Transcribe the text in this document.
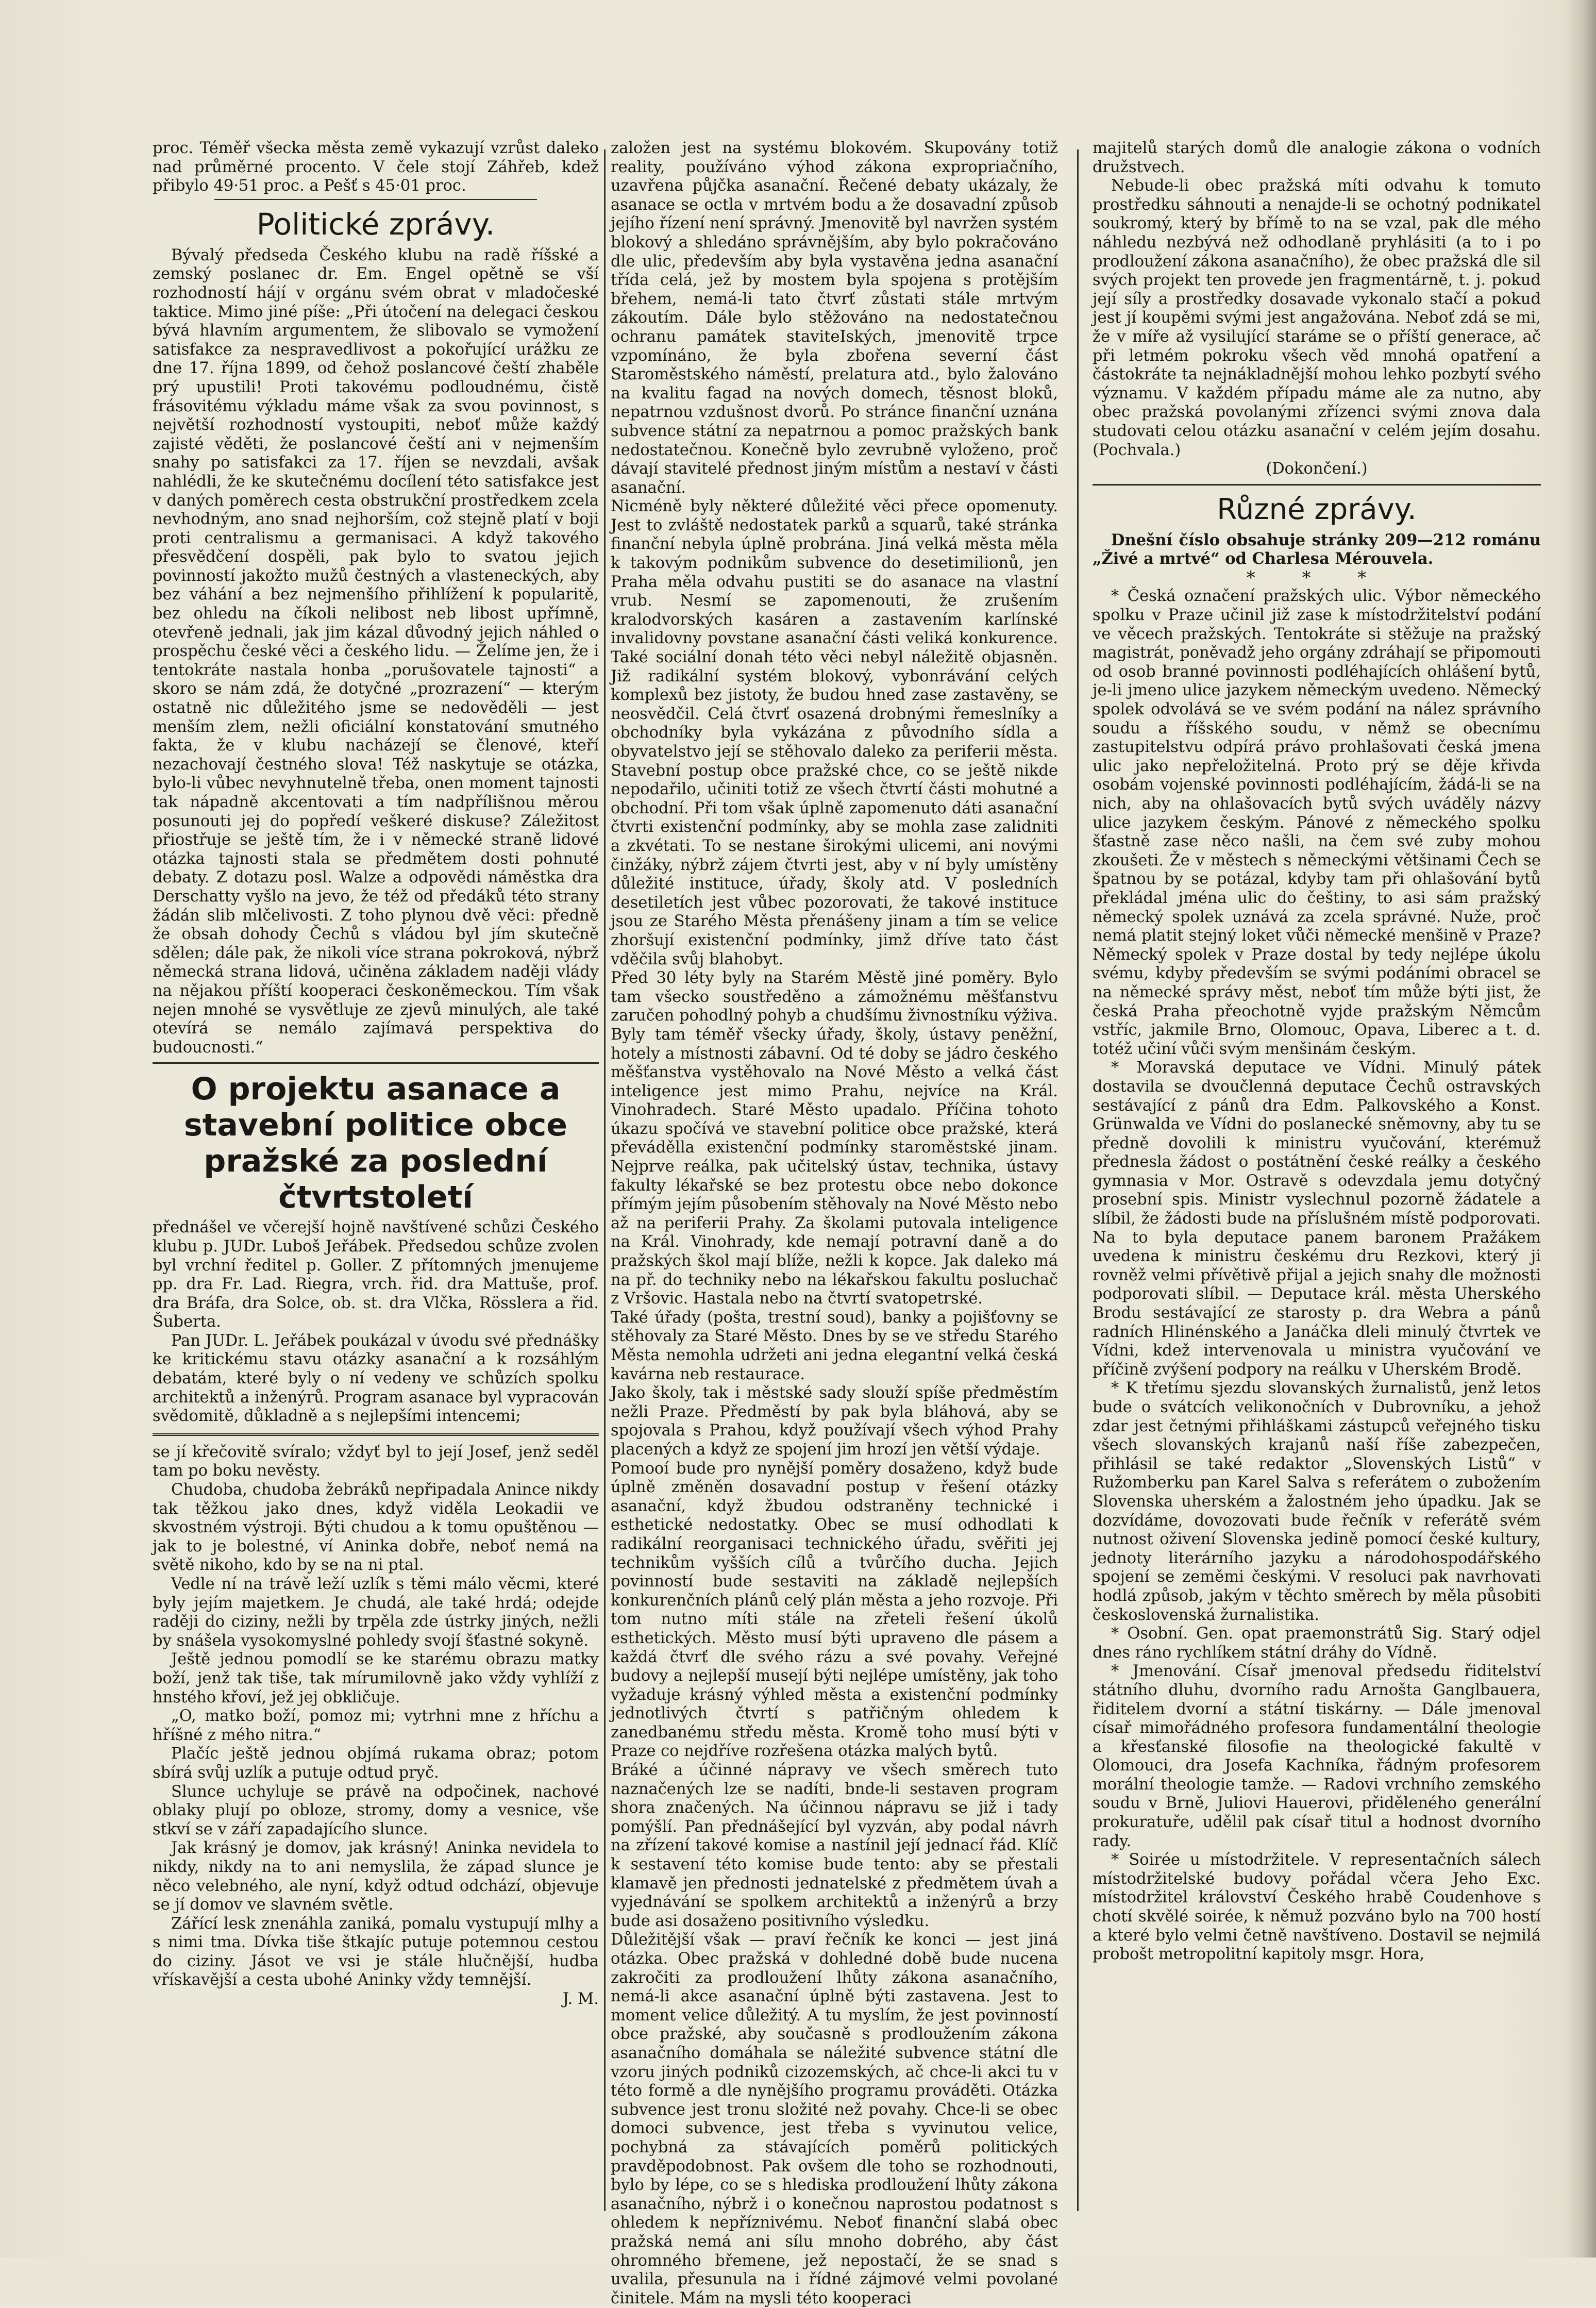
proc. Téměř všecka města země vykazují vzrůst daleko nad průměrné procento. V čele stojí Záhřeb, kdež přibylo 49·51 proc. a Pešť s 45·01 proc.

Politické zprávy.

Bývalý předseda Českého klubu na radě říšské a zemský poslanec dr. Em. Engel opětně se vší rozhodností hájí v orgánu svém obrat v mladočeské taktice. Mimo jiné píše: „Při útočení na delegaci českou bývá hlavním argumentem, že slibovalo se vymožení satisfakce za nespravedlivost a pokořující urážku ze dne 17. října 1899, od čehož poslancové čeští zhaběle prý upustili! Proti takovému podloudnému, čistě frásovitému výkladu máme však za svou povinnost, s největší rozhodností vystoupiti, neboť může každý zajisté věděti, že poslancové čeští ani v nejmenším snahy po satisfakci za 17. říjen se nevzdali, avšak nahlédli, že ke skutečnému docílení této satisfakce jest v daných poměrech cesta obstrukční prostředkem zcela nevhodným, ano snad nejhorším, což stejně platí v boji proti centralismu a germanisaci. A když takového přesvědčení dospěli, pak bylo to svatou jejich povinností jakožto mužů čestných a vlasteneckých, aby bez váhání a bez nejmenšího přihlížení k popularitě, bez ohledu na číkoli nelibost neb libost upřímně, otevřeně jednali, jak jim kázal důvodný jejich náhled o prospěchu české věci a českého lidu. — Želíme jen, že i tentokráte nastala honba „porušovatele tajnosti“ a skoro se nám zdá, že dotyčné „prozrazení“ — kterým ostatně nic důležitého jsme se nedověděli — jest menším zlem, nežli oficiální konstatování smutného fakta, že v klubu nacházejí se členové, kteří nezachovají čestného slova! Též naskytuje se otázka, bylo-li vůbec nevyhnutelně třeba, onen moment tajnosti tak nápadně akcentovati a tím nadpřílišnou měrou posunouti jej do popředí veškeré diskuse? Záležitost přiostřuje se ještě tím, že i v německé straně lidové otázka tajnosti stala se předmětem dosti pohnuté debaty. Z dotazu posl. Walze a odpovědi náměstka dra Derschatty vyšlo na jevo, že též od předáků této strany žádán slib mlčelivosti. Z toho plynou dvě věci: předně že obsah dohody Čechů s vládou byl jím skutečně sdělen; dále pak, že nikoli více strana pokroková, nýbrž německá strana lidová, učiněna základem naději vlády na nějakou příští kooperaci českoněmeckou. Tím však nejen mnohé se vysvětluje ze zjevů minulých, ale také otevírá se nemálo zajímavá perspektiva do budoucnosti.“

O projektu asanace a stavební politice obce pražské za poslední čtvrtstoletí

přednášel ve včerejší hojně navštívené schůzi Českého klubu p. JUDr. Luboš Jeřábek. Předsedou schůze zvolen byl vrchní ředitel p. Goller. Z přítomných jmenujeme pp. dra Fr. Lad. Riegra, vrch. řid. dra Mattuše, prof. dra Bráfa, dra Solce, ob. st. dra Vlčka, Rösslera a řid. Šuberta.

Pan JUDr. L. Jeřábek poukázal v úvodu své přednášky ke kritickému stavu otázky asanační a k rozsáhlým debatám, které byly o ní vedeny ve schůzích spolku architektů a inženýrů. Program asanace byl vypracován svědomitě, důkladně a s nejlepšími intencemi;

se jí křečovitě svíralo; vždyť byl to její Josef, jenž seděl tam po boku nevěsty.

Chudoba, chudoba žebráků nepřipadala Anince nikdy tak těžkou jako dnes, když viděla Leokadii ve skvostném výstroji. Býti chudou a k tomu opuštěnou — jak to je bolestné, ví Aninka dobře, neboť nemá na světě nikoho, kdo by se na ni ptal.

Vedle ní na trávě leží uzlík s těmi málo věcmi, které byly jejím majetkem. Je chudá, ale také hrdá; odejde raději do ciziny, nežli by trpěla zde ústrky jiných, nežli by snášela vysokomyslné pohledy svojí šťastné sokyně.

Ještě jednou pomodlí se ke starému obrazu matky boží, jenž tak tiše, tak mírumilovně jako vždy vyhlíží z hnstého křoví, jež jej obkličuje.

„O, matko boží, pomoz mi; vytrhni mne z hříchu a hříšné z mého nitra.“

Plačíc ještě jednou objímá rukama obraz; potom sbírá svůj uzlík a putuje odtud pryč.

Slunce uchyluje se právě na odpočinek, nachové oblaky plují po obloze, stromy, domy a vesnice, vše stkví se v září zapadajícího slunce.

Jak krásný je domov, jak krásný! Aninka nevidela to nikdy, nikdy na to ani nemyslila, že západ slunce je něco velebného, ale nyní, když odtud odchází, objevuje se jí domov ve slavném světle.

Zářící lesk znenáhla zaniká, pomalu vystupují mlhy a s nimi tma. Dívka tiše štkajíc putuje potemnou cestou do ciziny. Jásot ve vsi je stále hlučnější, hudba vřískavější a cesta ubohé Aninky vždy temnější.

J. M.

založen jest na systému blokovém. Skupovány totiž reality, používáno výhod zákona expropriačního, uzavřena půjčka asanační. Řečené debaty ukázaly, že asanace se octla v mrtvém bodu a že dosavadní způsob jejího řízení není správný. Jmenovitě byl navržen systém blokový a shledáno správnějším, aby bylo pokračováno dle ulic, především aby byla vystavěna jedna asanační třída celá, jež by mostem byla spojena s protějším břehem, nemá-li tato čtvrť zůstati stále mrtvým zákoutím. Dále bylo stěžováno na nedostatečnou ochranu památek staviteIských, jmenovitě trpce vzpomínáno, že byla zbořena severní část Staroměstského náměstí, prelatura atd., bylo žalováno na kvalitu fagad na nových domech, těsnost bloků, nepatrnou vzdušnost dvorů. Po stránce finanční uznána subvence státní za nepatrnou a pomoc pražských bank nedostatečnou. Konečně bylo zevrubně vyloženo, proč dávají stavitelé přednost jiným místům a nestaví v části asanační.
Nicméně byly některé důležité věci přece opomenuty. Jest to zvláště nedostatek parků a squarů, také stránka finanční nebyla úplně probrána. Jiná velká města měla k takovým podnikům subvence do desetimilionů, jen Praha měla odvahu pustiti se do asanace na vlastní vrub. Nesmí se zapomenouti, že zrušením kralodvorských kasáren a zastavením karlínské invalidovny povstane asanační části veliká konkurence. Také sociální donah této věci nebyl náležitě objasněn. Již radikální systém blokový, vybonrávání celých komplexů bez jistoty, že budou hned zase zastavěny, se neosvědčil. Celá čtvrť osazená drobnými řemeslníky a obchodníky byla vykázána z původního sídla a obyvatelstvo její se stěhovalo daleko za periferii města. Stavební postup obce pražské chce, co se ještě nikde nepodařilo, učiniti totiž ze všech čtvrtí části mohutné a obchodní. Při tom však úplně zapomenuto dáti asanační čtvrti existenční podmínky, aby se mohla zase zalidniti a zkvétati. To se nestane širokými ulicemi, ani novými činžáky, nýbrž zájem čtvrti jest, aby v ní byly umístěny důležité instituce, úřady, školy atd. V posledních desetiletích jest vůbec pozorovati, že takové instituce jsou ze Starého Města přenášeny jinam a tím se velice zhoršují existenční podmínky, jimž dříve tato část vděčila svůj blahobyt.
Před 30 léty byly na Starém Městě jiné poměry. Bylo tam všecko soustředěno a zámožnému měšťanstvu zaručen pohodlný pohyb a chudšímu živnostníku výživa. Byly tam téměř všecky úřady, školy, ústavy peněžní, hotely a místnosti zábavní. Od té doby se jádro českého měšťanstva vystěhovalo na Nové Město a velká část inteligence jest mimo Prahu, nejvíce na Král. Vinohradech. Staré Město upadalo. Příčina tohoto úkazu spočívá ve stavební politice obce pražské, která převádělla existenční podmínky staroměstské jinam. Nejprve reálka, pak učitelský ústav, technika, ústavy fakulty lékařské se bez protestu obce nebo dokonce přímým jejím působením stěhovaly na Nové Město nebo až na periferii Prahy. Za školami putovala inteligence na Král. Vinohrady, kde nemají potravní daně a do pražských škol mají blíže, nežli k kopce. Jak daleko má na př. do techniky nebo na lékařskou fakultu posluchač z Vršovic. Hastala nebo na čtvrtí svatopetrské.
Také úřady (pošta, trestní soud), banky a pojišťovny se stěhovaly za Staré Město. Dnes by se ve středu Starého Města nemohla udržeti ani jedna elegantní velká česká kavárna neb restaurace.
Jako školy, tak i městské sady slouží spíše předměstím nežli Praze. Předměstí by pak byla bláhová, aby se spojovala s Prahou, když používají všech výhod Prahy placených a když ze spojení jim hrozí jen větší výdaje.
Pomooí bude pro nynější poměry dosaženo, když bude úplně změněn dosavadní postup v řešení otázky asanační, když žbudou odstraněny technické i esthetické nedostatky. Obec se musí odhodlati k radikální reorganisaci technického úřadu, svěřiti jej technikům vyšších cílů a tvůrčího ducha. Jejich povinností bude sestaviti na základě nejlepších konkurenčních plánů celý plán města a jeho rozvoje. Při tom nutno míti stále na zřeteli řešení úkolů esthetických. Město musí býti upraveno dle pásem a každá čtvrť dle svého rázu a své povahy. Veřejné budovy a nejlepší musejí býti nejlépe umístěny, jak toho vyžaduje krásný výhled města a existenční podmínky jednotlivých čtvrtí s patřičným ohledem k zanedbanému středu města. Kromě toho musí býti v Praze co nejdříve rozřešena otázka malých bytů.
Bráké a účinné nápravy ve všech směrech tuto naznačených lze se nadíti, bnde-li sestaven program shora značených. Na účinnou nápravu se již i tady pomýšlí. Pan přednášející byl vyzván, aby podal návrh na zřízení takové komise a nastínil její jednací řád. Klíč k sestavení této komise bude tento: aby se přestali klamavě jen přednosti jednatelské z předmětem úvah a vyjednávání se spolkem architektů a inženýrů a brzy bude asi dosaženo positivního výsledku.
Důležitější však — praví řečník ke konci — jest jiná otázka. Obec pražská v dohledné době bude nucena zakročiti za prodloužení lhůty zákona asanačního, nemá-li akce asanační úplně býti zastavena. Jest to moment velice důležitý. A tu myslím, že jest povinností obce pražské, aby současně s prodloužením zákona asanačního domáhala se náležité subvence státní dle vzoru jiných podniků cizozemských, ač chce-li akci tu v této formě a dle nynějšího programu prováděti. Otázka subvence jest tronu složité než povahy. Chce-li se obec domoci subvence, jest třeba s vyvinutou velice, pochybná za stávajících poměrů politických pravděpodobnost. Pak ovšem dle toho se rozhodnouti, bylo by lépe, co se s hlediska prodloužení lhůty zákona asanačního, nýbrž i o konečnou naprostou podatnost s ohledem k nepříznivému. Neboť finanční slabá obec pražská nemá ani sílu mnoho dobrého, aby část ohromného břemene, jež nepostačí, že se snad s uvalila, přesunula na i řídné zájmové velmi povolané činitele. Mám na mysli této kooperaci

majitelů starých domů dle analogie zákona o vodních družstvech.

Nebude-li obec pražská míti odvahu k tomuto prostředku sáhnouti a nenajde-li se ochotný podnikatel soukromý, který by břímě to na se vzal, pak dle mého náhledu nezbývá než odhodlaně pryhlásiti (a to i po prodloužení zákona asanačního), že obec pražská dle sil svých projekt ten provede jen fragmentárně, t. j. pokud její síly a prostředky dosavade vykonalo stačí a pokud jest jí koupěmi svými jest angažována. Neboť zdá se mi, že v míře až vysilující staráme se o příští generace, ač při letmém pokroku všech věd mnohá opatření a částokráte ta nejnákladnější mohou lehko pozbytí svého významu. V každém případu máme ale za nutno, aby obec pražská povolanými zřízenci svými znova dala studovati celou otázku asanační v celém jejím dosahu. (Pochvala.)

(Dokončení.)
Různé zprávy.

Dnešní číslo obsahuje stránky 209—212 románu „Živé a mrtvé“ od Charlesa Mérouvela.

* * *

* Česká označení pražských ulic. Výbor německého spolku v Praze učinil již zase k místodržitelství podání ve věcech pražských. Tentokráte si stěžuje na pražský magistrát, poněvadž jeho orgány zdráhají se připomouti od osob branné povinnosti podléhajících ohlášení bytů, je-li jmeno ulice jazykem německým uvedeno. Německý spolek odvolává se ve svém podání na nález správního soudu a říšského soudu, v němž se obecnímu zastupitelstvu odpírá právo prohlašovati česká jmena ulic jako nepřeložitelná. Proto prý se děje křivda osobám vojenské povinnosti podléhajícím, žádá-li se na nich, aby na ohlašovacích bytů svých uváděly názvy ulice jazykem českým. Pánové z německého spolku šťastně zase něco našli, na čem své zuby mohou zkoušeti. Že v městech s německými většinami Čech se špatnou by se potázal, kdyby tam při ohlašování bytů překládal jména ulic do češtiny, to asi sám pražský německý spolek uznává za zcela správné. Nuže, proč nemá platit stejný loket vůči německé menšině v Praze? Německý spolek v Praze dostal by tedy nejlépe úkolu svému, kdyby především se svými podáními obracel se na německé správy měst, neboť tím může býti jist, že česká Praha přeochotně vyjde pražským Němcům vstříc, jakmile Brno, Olomouc, Opava, Liberec a t. d. totéž učiní vůči svým menšinám českým.

* Moravská deputace ve Vídni. Minulý pátek dostavila se dvoučlenná deputace Čechů ostravských sestávající z pánů dra Edm. Palkovského a Konst. Grünwalda ve Vídni do poslanecké sněmovny, aby tu se předně dovolili k ministru vyučování, kterémuž přednesla žádost o postátnění české reálky a českého gymnasia v Mor. Ostravě s odevzdala jemu dotyčný prosební spis. Ministr vyslechnul pozorně žádatele a slíbil, že žádosti bude na příslušném místě podporovati. Na to byla deputace panem baronem Pražákem uvedena k ministru českému dru Rezkovi, který ji rovněž velmi přívětivě přijal a jejich snahy dle možnosti podporovati slíbil. — Deputace král. města Uherského Brodu sestávající ze starosty p. dra Webra a pánů radních Hlinénského a Janáčka dleli minulý čtvrtek ve Vídni, kdež intervenovala u ministra vyučování ve příčině zvýšení podpory na reálku v Uherském Brodě.

* K třetímu sjezdu slovanských žurnalistů, jenž letos bude o svátcích velikonočních v Dubrovníku, a jehož zdar jest četnými přihláškami zástupců veřejného tisku všech slovanských krajanů naší říše zabezpečen, přihlásil se také redaktor „Slovenských Listů“ v Ružomberku pan Karel Salva s referátem o zubožením Slovenska uherském a žalostném jeho úpadku. Jak se dozvídáme, dovozovati bude řečník v referátě svém nutnost oživení Slovenska jedině pomocí české kultury, jednoty literárního jazyku a národohospodářského spojení se zeměmi českými. V resoluci pak navrhovati hodlá způsob, jakým v těchto směrech by měla působiti československá žurnalistika.

* Osobní. Gen. opat praemonstrátů Sig. Starý odjel dnes ráno rychlíkem státní dráhy do Vídně.

* Jmenování. Císař jmenoval předsedu řiditelství státního dluhu, dvorního radu Arnošta Ganglbauera, řiditelem dvorní a státní tiskárny. — Dále jmenoval císař mimořádného profesora fundamentální theologie a křesťanské filosofie na theologické fakultě v Olomouci, dra Josefa Kachníka, řádným profesorem morální theologie tamže. — Radovi vrchního zemského soudu v Brně, Juliovi Hauerovi, přiděleného generální prokuratuře, udělil pak císař titul a hodnost dvorního rady.

* Soirée u místodržitele. V representačních sálech místodržitelské budovy pořádal včera Jeho Exc. místodržitel království Českého hrabě Coudenhove s chotí skvělé soirée, k němuž pozváno bylo na 700 hostí a které bylo velmi četně navštíveno. Dostavil se nejmilá probošt metropolitní kapitoly msgr. Hora,
